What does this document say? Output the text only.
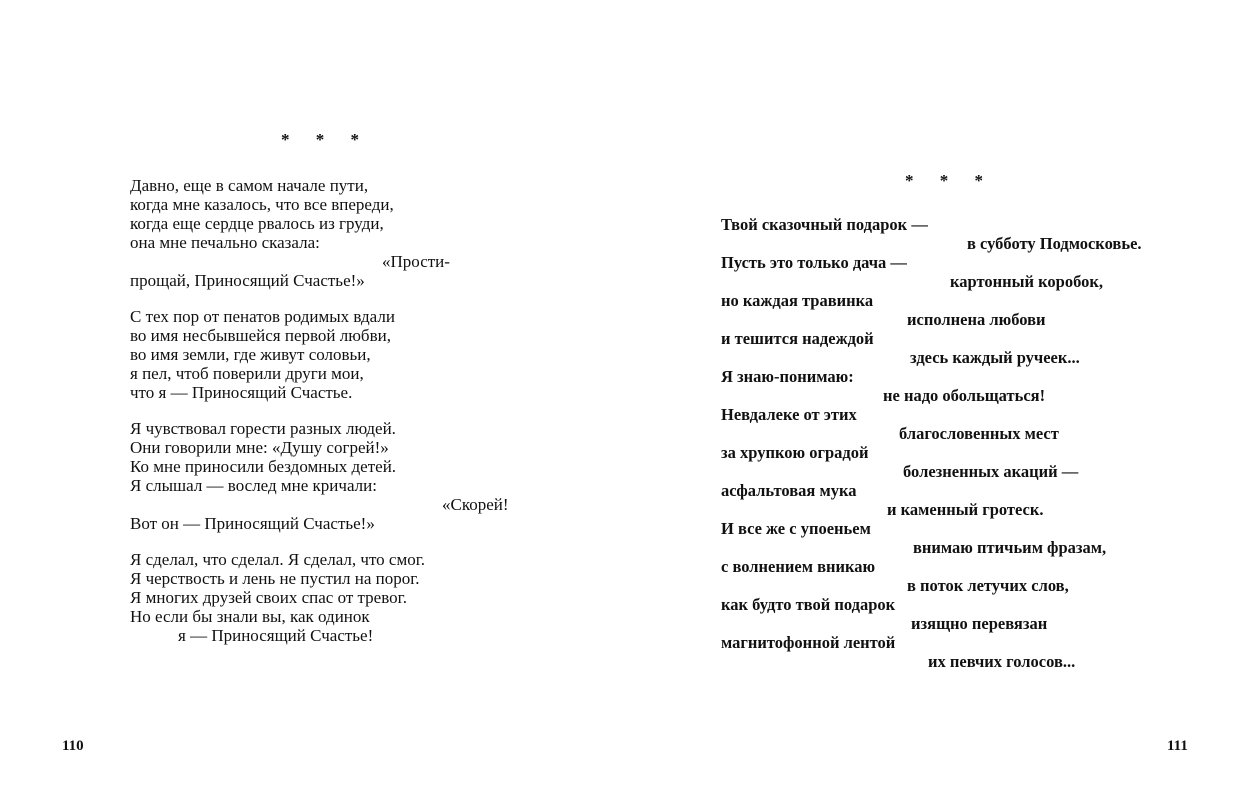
* * *
Давно, еще в самом начале пути,
когда мне казалось, что все впереди,
когда еще сердце рвалось из груди,
она мне печально сказала:
«Прости-
прощай, Приносящий Счастье!»
С тех пор от пенатов родимых вдали
во имя несбывшейся первой любви,
во имя земли, где живут соловьи,
я пел, чтоб поверили други мои,
что я — Приносящий Счастье.
Я чувствовал горести разных людей.
Они говорили мне: «Душу согрей!»
Ко мне приносили бездомных детей.
Я слышал — вослед мне кричали:
«Скорей!
Вот он — Приносящий Счастье!»
Я сделал, что сделал. Я сделал, что смог.
Я черствость и лень не пустил на порог.
Я многих друзей своих спас от тревог.
Но если бы знали вы, как одинок
я — Приносящий Счастье!
110
* * *
Твой сказочный подарок —
в субботу Подмосковье.
Пусть это только дача —
картонный коробок,
но каждая травинка
исполнена любови
и тешится надеждой
здесь каждый ручеек...
Я знаю-понимаю:
не надо обольщаться!
Невдалеке от этих
благословенных мест
за хрупкою оградой
болезненных акаций —
асфальтовая мука
и каменный гротеск.
И все же с упоеньем
внимаю птичьим фразам,
с волнением вникаю
в поток летучих слов,
как будто твой подарок
изящно перевязан
магнитофонной лентой
их певчих голосов...
111
